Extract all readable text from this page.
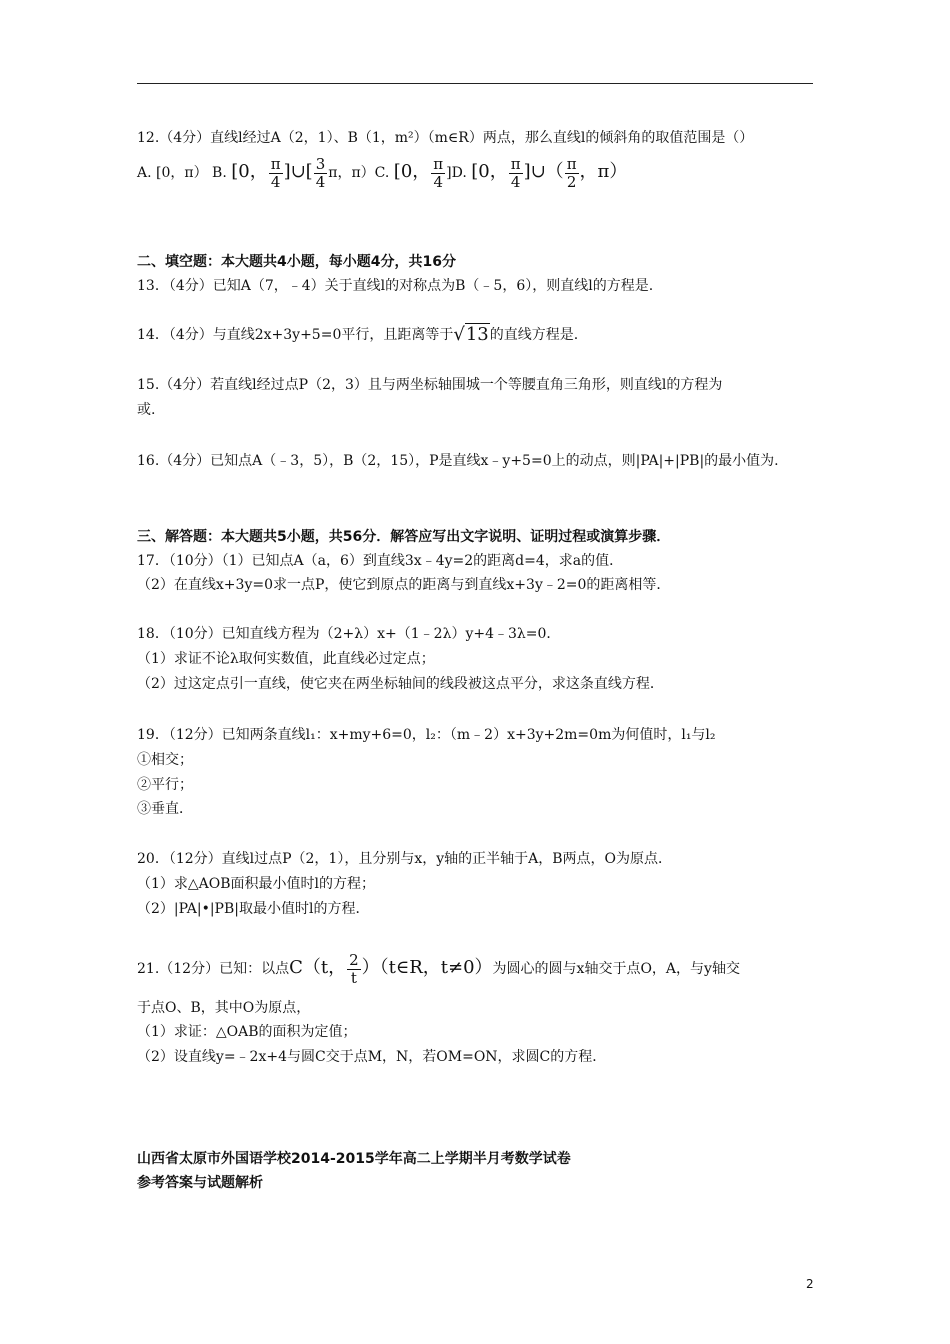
12.（4分）直线l经过A（2，1）、B（1，m²）（m∈R）两点，那么直线l的倾斜角的取值范围是（）
A. [0，π） B. [0， $\frac{\pi}{4}$ ]∪[ $\frac{3}{4}$ π，π）C. [0， $\frac{\pi}{4} ]D$. [0， $\frac{\pi}{4}$ ]∪（ $\frac{\pi}{2}$ ，π）
二、填空题：本大题共4小题，每小题4分，共16分
13．（4分）已知A（7，﹣4）关于直线l的对称点为B（﹣5，6），则直线l的方程是.
14．（4分）与直线2x+3y+5=0平行，且距离等于√13的直线方程是.
15.（4分）若直线l经过点P（2，3）且与两坐标轴围城一个等腰直角三角形，则直线l的方程为
或.
16.（4分）已知点A（﹣3，5），B（2，15），P是直线x﹣y+5=0上的动点，则|PA|+|PB|的最小值为.
三、解答题：本大题共5小题，共56分．解答应写出文字说明、证明过程或演算步骤．
17．（10分）（1）已知点A（a，6）到直线3x﹣4y=2的距离d=4，求a的值．
（2）在直线x+3y=0求一点P，使它到原点的距离与到直线x+3y﹣2=0的距离相等．
18．（10分）已知直线方程为（2+λ）x+（1﹣2λ）y+4﹣3λ=0．
（1）求证不论λ取何实数值，此直线必过定点；
（2）过这定点引一直线，使它夹在两坐标轴间的线段被这点平分，求这条直线方程．
19．（12分）已知两条直线l₁：x+my+6=0，l₂：（m﹣2）x+3y+2m=0m为何值时，l₁与l₂
①相交；
②平行；
③垂直．
20．（12分）直线l过点P（2，1），且分别与x，y轴的正半轴于A，B两点，O为原点．
（1）求△AOB面积最小值时l的方程；
（2）|PA|•|PB|取最小值时l的方程．
21.（12分）已知：以点C（t， $\frac{2}{t}$ ）（t∈R，t≠0）为圆心的圆与x轴交于点O，A，与y轴交
于点O、B，其中O为原点，
（1）求证：△OAB的面积为定值；
（2）设直线y=﹣2x+4与圆C交于点M，N，若OM=ON，求圆C的方程．
山西省太原市外国语学校2014-2015学年高二上学期半月考数学试卷
参考答案与试题解析
2
